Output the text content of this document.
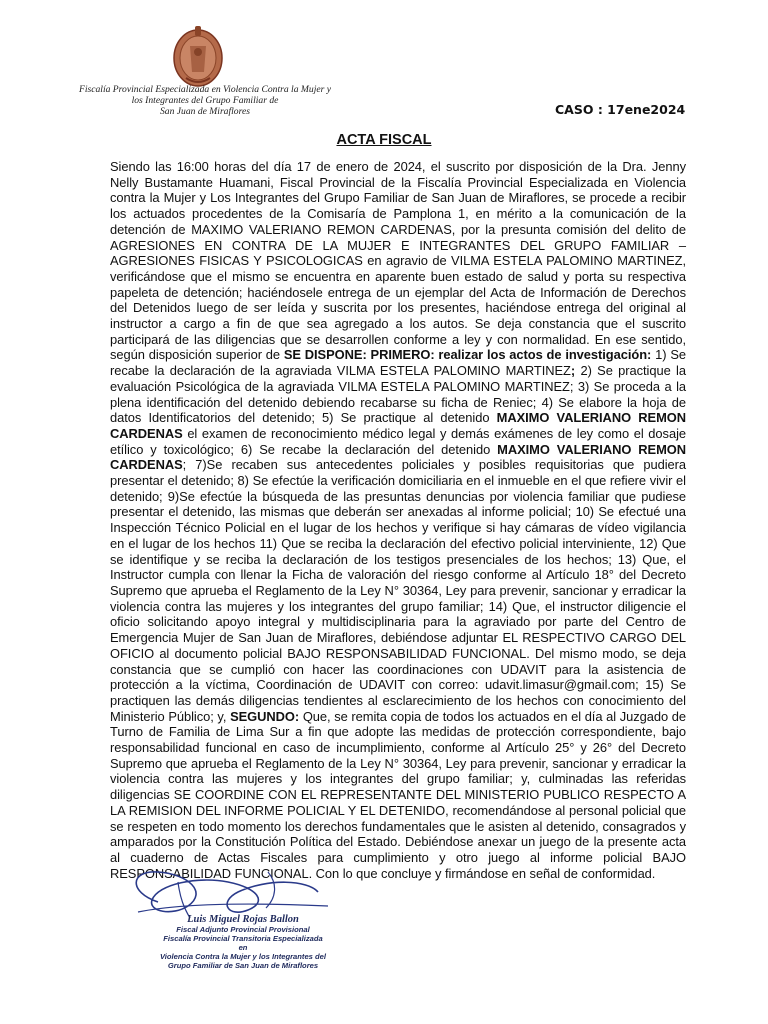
Fiscalía Provincial Especializada en Violencia Contra la Mujer y
los Integrantes del Grupo Familiar de
San Juan de Miraflores	CASO : 17ene2024
ACTA FISCAL
Siendo las 16:00 horas del día 17 de enero de 2024, el suscrito por disposición de la Dra. Jenny Nelly Bustamante Huamani, Fiscal Provincial de la Fiscalía Provincial Especializada en Violencia contra la Mujer y Los Integrantes del Grupo Familiar de San Juan de Miraflores, se procede a recibir los actuados procedentes de la Comisaría de Pamplona 1, en mérito a la comunicación de la detención de MAXIMO VALERIANO REMON CARDENAS, por la presunta comisión del delito de AGRESIONES EN CONTRA DE LA MUJER E INTEGRANTES DEL GRUPO FAMILIAR – AGRESIONES FISICAS Y PSICOLOGICAS en agravio de VILMA ESTELA PALOMINO MARTINEZ, verificándose que el mismo se encuentra en aparente buen estado de salud y porta su respectiva papeleta de detención; haciéndosele entrega de un ejemplar del Acta de Información de Derechos del Detenidos luego de ser leída y suscrita por los presentes, haciéndose entrega del original al instructor a cargo a fin de que sea agregado a los autos. Se deja constancia que el suscrito participará de las diligencias que se desarrollen conforme a ley y con normalidad. En ese sentido, según disposición superior de SE DISPONE: PRIMERO: realizar los actos de investigación: 1) Se recabe la declaración de la agraviada VILMA ESTELA PALOMINO MARTINEZ; 2) Se practique la evaluación Psicológica de la agraviada VILMA ESTELA PALOMINO MARTINEZ; 3) Se proceda a la plena identificación del detenido debiendo recabarse su ficha de Reniec; 4) Se elabore la hoja de datos Identificatorios del detenido; 5) Se practique al detenido MAXIMO VALERIANO REMON CARDENAS el examen de reconocimiento médico legal y demás exámenes de ley como el dosaje etílico y toxicológico; 6) Se recabe la declaración del detenido MAXIMO VALERIANO REMON CARDENAS; 7)Se recaben sus antecedentes policiales y posibles requisitorias que pudiera presentar el detenido; 8) Se efectúe la verificación domiciliaria en el inmueble en el que refiere vivir el detenido; 9)Se efectúe la búsqueda de las presuntas denuncias por violencia familiar que pudiese presentar el detenido, las mismas que deberán ser anexadas al informe policial; 10) Se efectué una Inspección Técnico Policial en el lugar de los hechos y verifique si hay cámaras de vídeo vigilancia en el lugar de los hechos 11) Que se reciba la declaración del efectivo policial interviniente, 12) Que se identifique y se reciba la declaración de los testigos presenciales de los hechos; 13) Que, el Instructor cumpla con llenar la Ficha de valoración del riesgo conforme al Artículo 18° del Decreto Supremo que aprueba el Reglamento de la Ley N° 30364, Ley para prevenir, sancionar y erradicar la violencia contra las mujeres y los integrantes del grupo familiar; 14) Que, el instructor diligencie el oficio solicitando apoyo integral y multidisciplinaria para la agraviado por parte del Centro de Emergencia Mujer de San Juan de Miraflores, debiéndose adjuntar EL RESPECTIVO CARGO DEL OFICIO al documento policial BAJO RESPONSABILIDAD FUNCIONAL. Del mismo modo, se deja constancia que se cumplió con hacer las coordinaciones con UDAVIT para la asistencia de protección a la víctima, Coordinación de UDAVIT con correo: udavit.limasur@gmail.com; 15) Se practiquen las demás diligencias tendientes al esclarecimiento de los hechos con conocimiento del Ministerio Público; y, SEGUNDO: Que, se remita copia de todos los actuados en el día al Juzgado de Turno de Familia de Lima Sur a fin que adopte las medidas de protección correspondiente, bajo responsabilidad funcional en caso de incumplimiento, conforme al Artículo 25° y 26° del Decreto Supremo que aprueba el Reglamento de la Ley N° 30364, Ley para prevenir, sancionar y erradicar la violencia contra las mujeres y los integrantes del grupo familiar; y, culminadas las referidas diligencias SE COORDINE CON EL REPRESENTANTE DEL MINISTERIO PUBLICO RESPECTO A LA REMISION DEL INFORME POLICIAL Y EL DETENIDO, recomendándose al personal policial que se respeten en todo momento los derechos fundamentales que le asisten al detenido, consagrados y amparados por la Constitución Política del Estado. Debiéndose anexar un juego de la presente acta al cuaderno de Actas Fiscales para cumplimiento y otro juego al informe policial BAJO RESPONSABILIDAD FUNCIONAL. Con lo que concluye y firmándose en señal de conformidad.
Luis Miguel Rojas Ballon
Fiscal Adjunto Provincial Provisional
Fiscalía Provincial Transitoria Especializada en
Violencia Contra la Mujer y los Integrantes del
Grupo Familiar de San Juan de Miraflores
